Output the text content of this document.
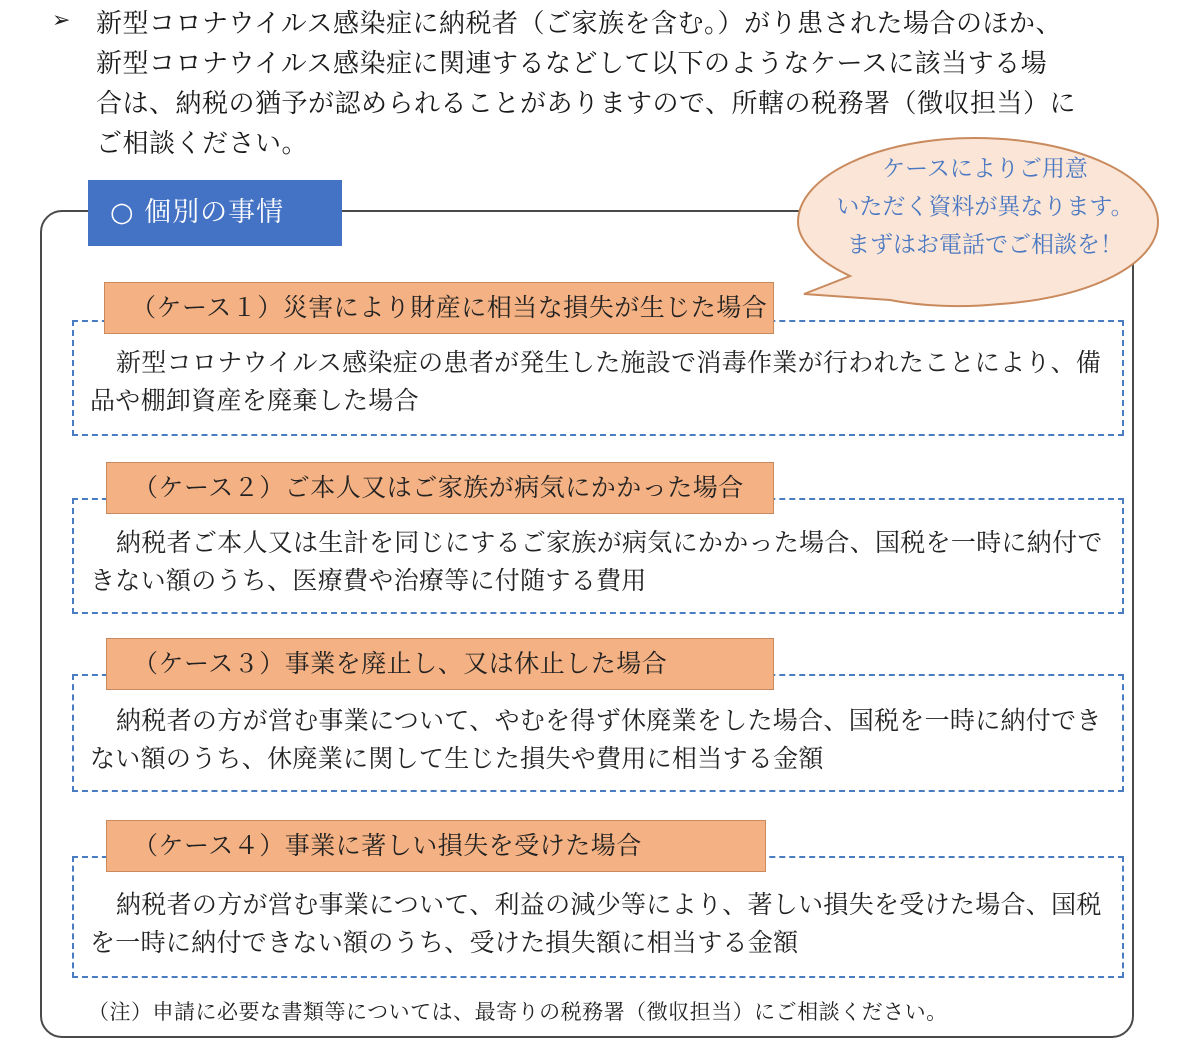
➢ 新型コロナウイルス感染症に納税者（ご家族を含む。）がり患された場合のほか、
新型コロナウイルス感染症に関連するなどして以下のようなケースに該当する場
合は、納税の猶予が認められることがありますので、所轄の税務署（徴収担当）に
ご相談ください。
○ 個別の事情
ケースによりご用意
いただく資料が異なります。
まずはお電話でご相談を！
（ケース１）災害により財産に相当な損失が生じた場合
新型コロナウイルス感染症の患者が発生した施設で消毒作業が行われたことにより、備品や棚卸資産を廃棄した場合
（ケース２）ご本人又はご家族が病気にかかった場合
納税者ご本人又は生計を同じにするご家族が病気にかかった場合、国税を一時に納付できない額のうち、医療費や治療等に付随する費用
（ケース３）事業を廃止し、又は休止した場合
納税者の方が営む事業について、やむを得ず休廃業をした場合、国税を一時に納付できない額のうち、休廃業に関して生じた損失や費用に相当する金額
（ケース４）事業に著しい損失を受けた場合
納税者の方が営む事業について、利益の減少等により、著しい損失を受けた場合、国税を一時に納付できない額のうち、受けた損失額に相当する金額
（注）申請に必要な書類等については、最寄りの税務署（徴収担当）にご相談ください。
